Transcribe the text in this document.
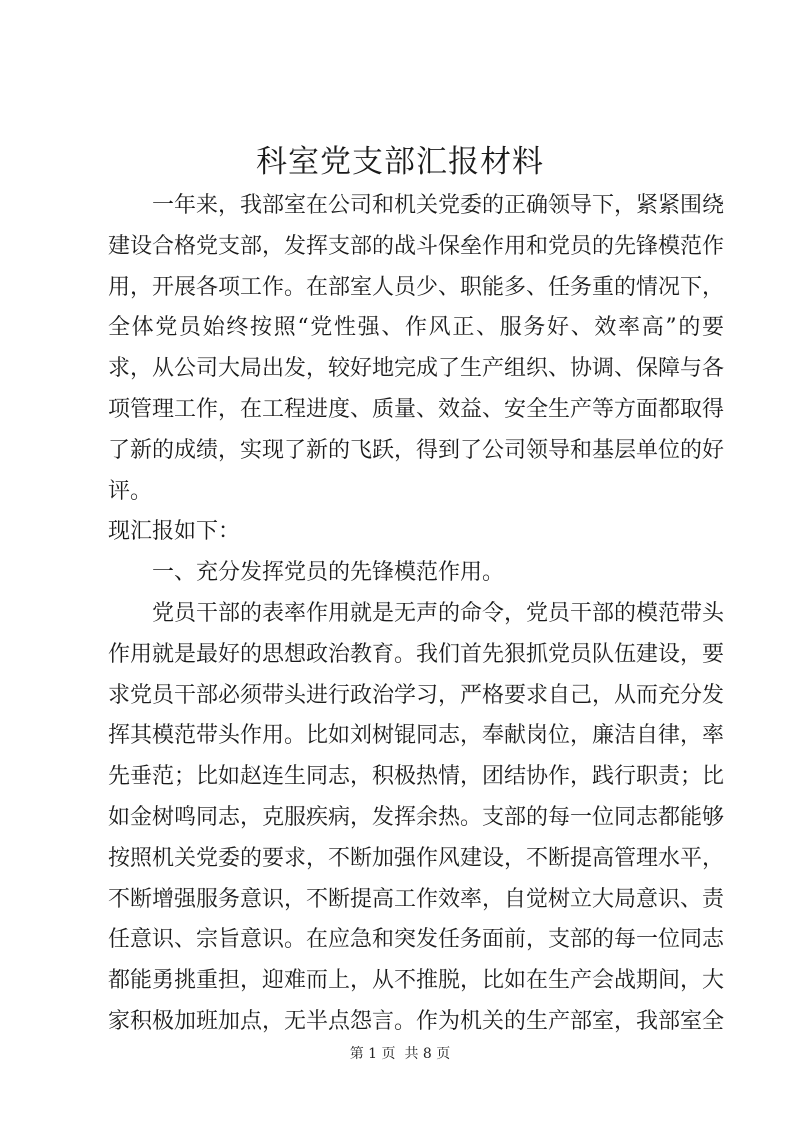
科室党支部汇报材料

一年来，我部室在公司和机关党委的正确领导下，紧紧围绕建设合格党支部，发挥支部的战斗保垒作用和党员的先锋模范作用，开展各项工作。在部室人员少、职能多、任务重的情况下，全体党员始终按照“党性强、作风正、服务好、效率高”的要求，从公司大局出发，较好地完成了生产组织、协调、保障与各项管理工作，在工程进度、质量、效益、安全生产等方面都取得了新的成绩，实现了新的飞跃，得到了公司领导和基层单位的好评。

现汇报如下：

一、充分发挥党员的先锋模范作用。

党员干部的表率作用就是无声的命令，党员干部的模范带头作用就是最好的思想政治教育。我们首先狠抓党员队伍建设，要求党员干部必须带头进行政治学习，严格要求自己，从而充分发挥其模范带头作用。比如刘树锟同志，奉献岗位，廉洁自律，率先垂范；比如赵连生同志，积极热情，团结协作，践行职责；比如金树鸣同志，克服疾病，发挥余热。支部的每一位同志都能够按照机关党委的要求，不断加强作风建设，不断提高管理水平，不断增强服务意识，不断提高工作效率，自觉树立大局意识、责任意识、宗旨意识。在应急和突发任务面前，支部的每一位同志都能勇挑重担，迎难而上，从不推脱，比如在生产会战期间，大家积极加班加点，无半点怨言。作为机关的生产部室，我部室全

第 1 页 共 8 页
